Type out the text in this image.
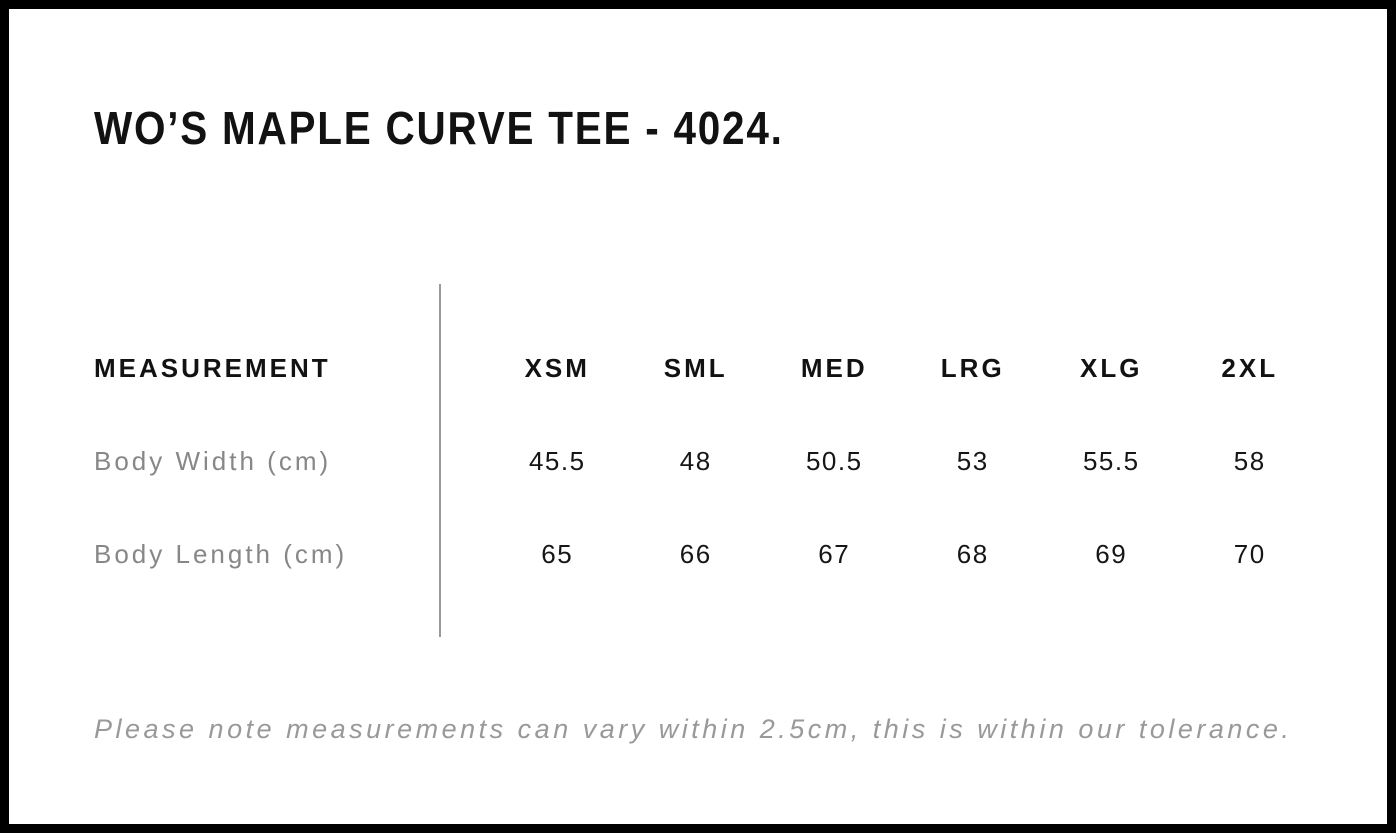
WO’S MAPLE CURVE TEE - 4024.
MEASUREMENT	XSM	SML	MED	LRG	XLG	2XL
Body Width (cm)	45.5	48	50.5	53	55.5	58
Body Length (cm)	65	66	67	68	69	70

Please note measurements can vary within 2.5cm, this is within our tolerance.
